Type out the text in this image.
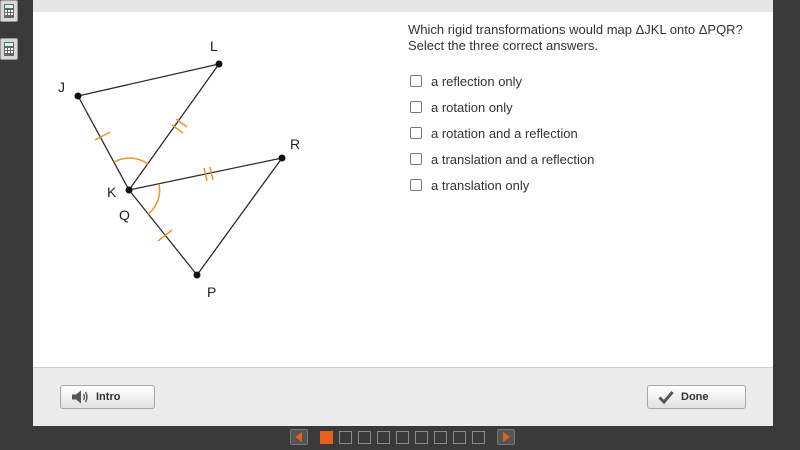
J
L
K
Q
R
P
Which rigid transformations would map ΔJKL onto ΔPQR? Select the three correct answers.
a reflection only
a rotation only
a rotation and a reflection
a translation and a reflection
a translation only
Intro	Done
